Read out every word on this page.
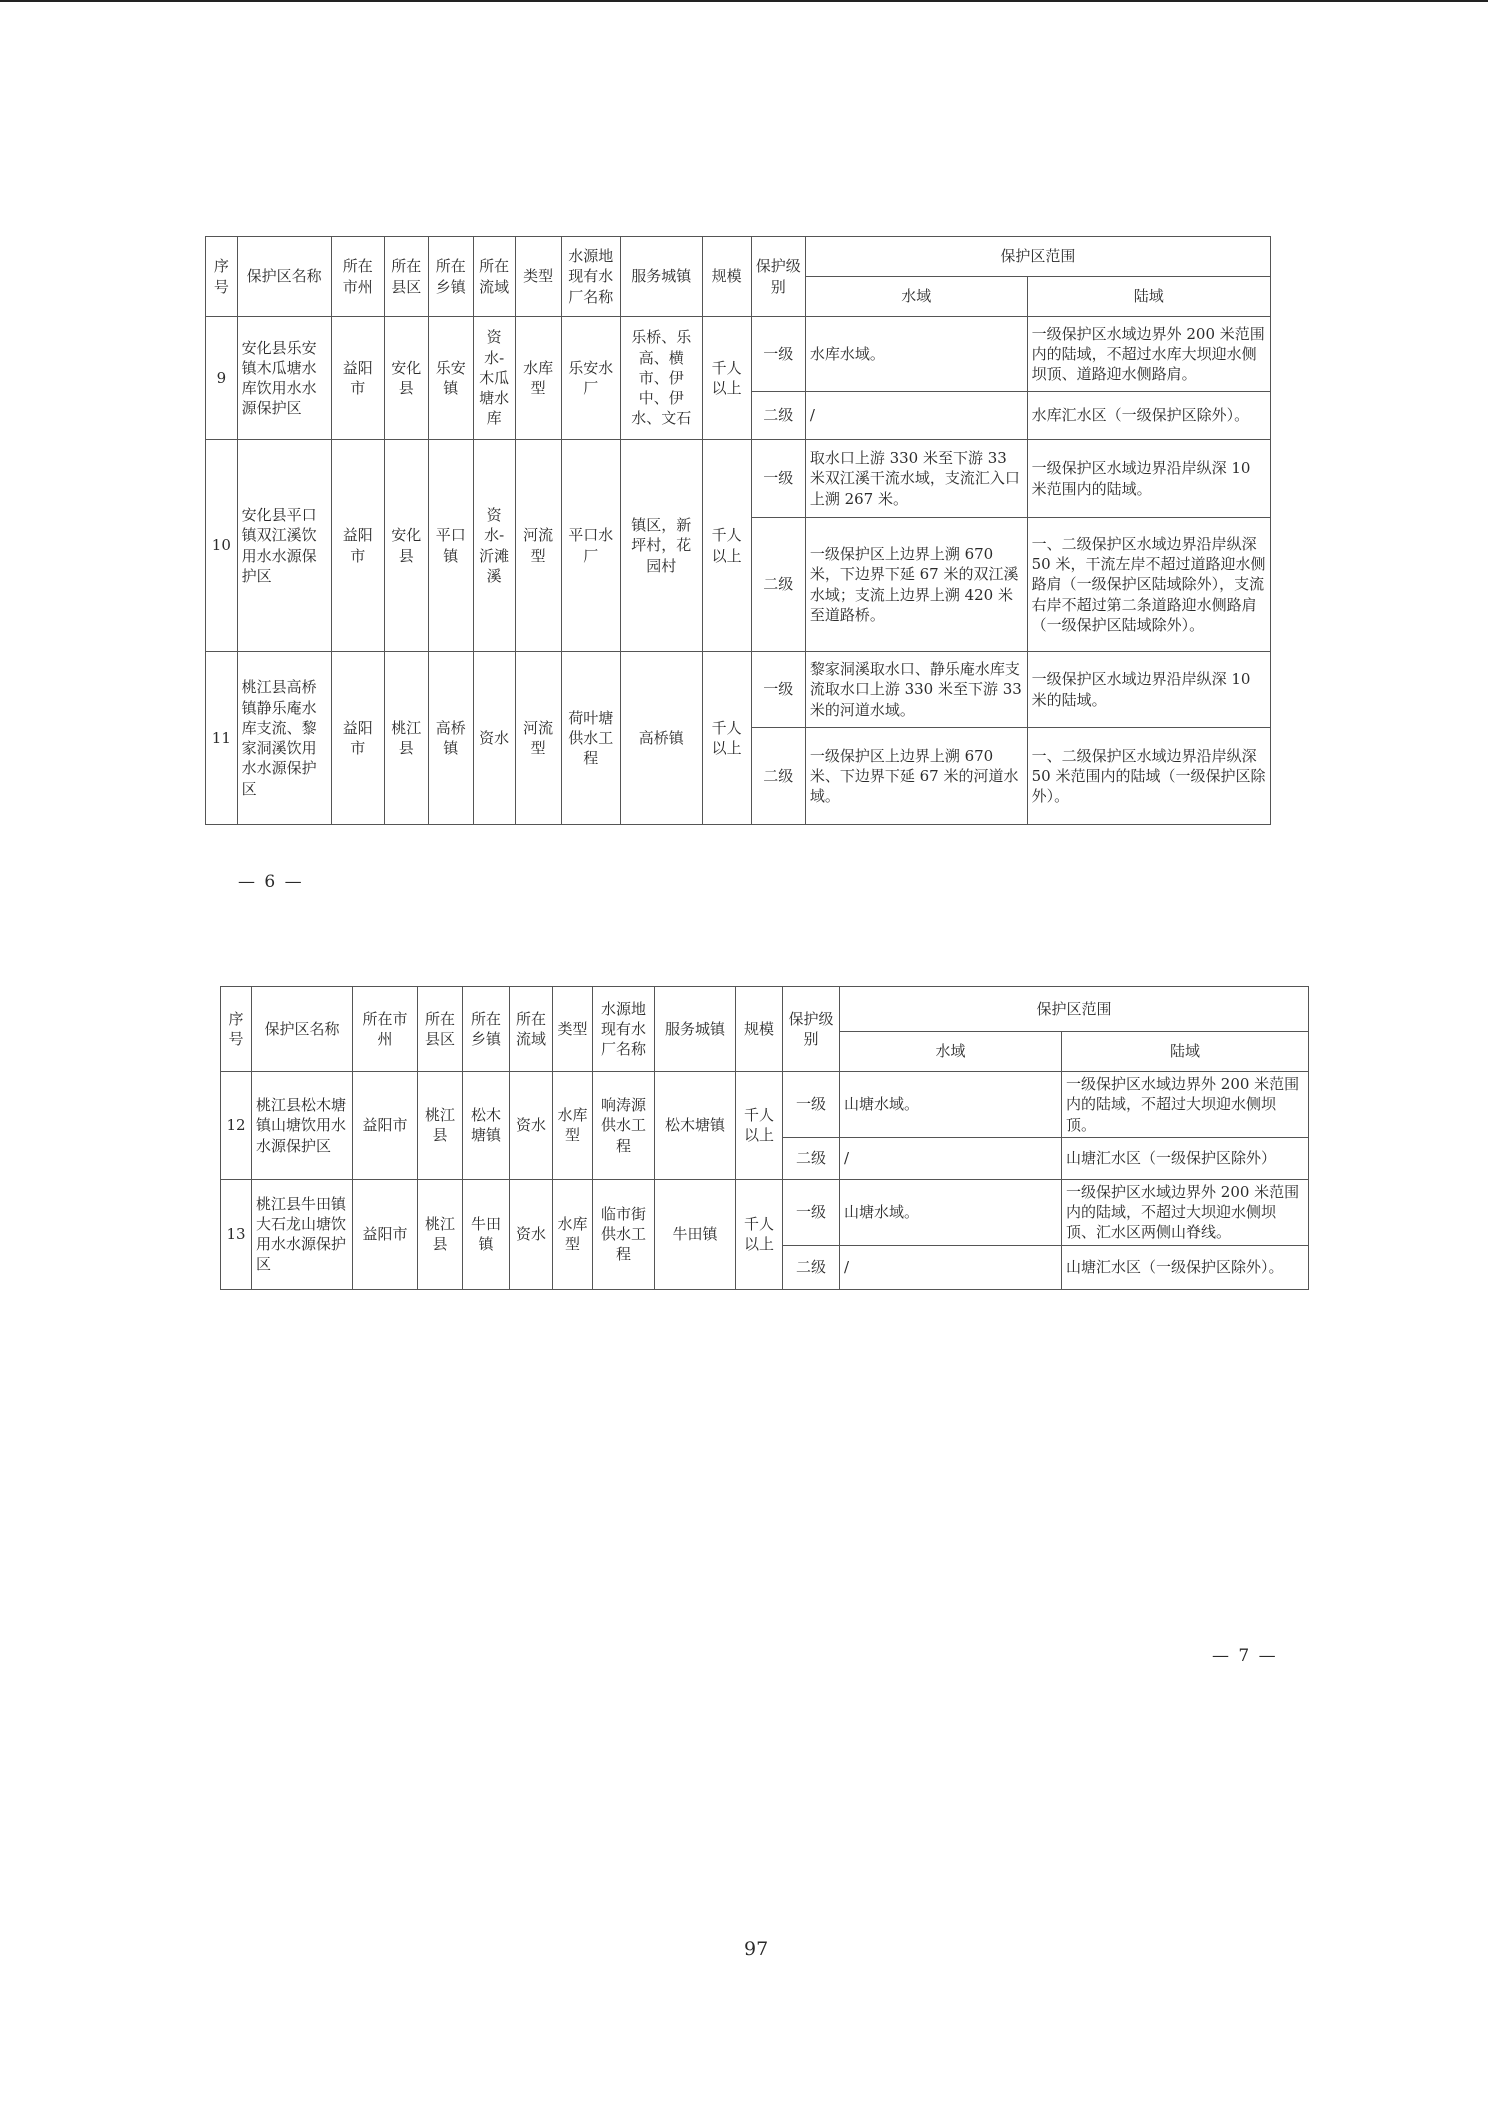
序号	保护区名称	所在市州	所在县区	所在乡镇	所在流域	类型	水源地现有水厂名称	服务城镇	规模	保护级别	保护区范围	
											水域	陆域
9	安化县乐安镇木瓜塘水库饮用水水源保护区	益阳市	安化县	乐安镇	资水-木瓜塘水库	水库型	乐安水厂	乐桥、乐高、横市、伊中、伊水、文石	千人以上	一级	水库水域。	一级保护区水域边界外 200 米范围内的陆域，不超过水库大坝迎水侧坝顶、道路迎水侧路肩。
										二级	/	水库汇水区（一级保护区除外）。
10	安化县平口镇双江溪饮用水水源保护区	益阳市	安化县	平口镇	资水-沂滩溪	河流型	平口水厂	镇区，新坪村，花园村	千人以上	一级	取水口上游 330 米至下游 33 米双江溪干流水域，支流汇入口上溯 267 米。	一级保护区水域边界沿岸纵深 10 米范围内的陆域。
										二级	一级保护区上边界上溯 670 米，下边界下延 67 米的双江溪水域；支流上边界上溯 420 米至道路桥。	一、二级保护区水域边界沿岸纵深 50 米，干流左岸不超过道路迎水侧路肩（一级保护区陆域除外），支流右岸不超过第二条道路迎水侧路肩（一级保护区陆域除外）。
11	桃江县高桥镇静乐庵水库支流、黎家洞溪饮用水水源保护区	益阳市	桃江县	高桥镇	资水	河流型	荷叶塘供水工程	高桥镇	千人以上	一级	黎家洞溪取水口、静乐庵水库支流取水口上游 330 米至下游 33 米的河道水域。	一级保护区水域边界沿岸纵深 10 米的陆域。
										二级	一级保护区上边界上溯 670 米、下边界下延 67 米的河道水域。	一、二级保护区水域边界沿岸纵深 50 米范围内的陆域（一级保护区除外）。
— 6 —
序号	保护区名称	所在市州	所在县区	所在乡镇	所在流域	类型	水源地现有水厂名称	服务城镇	规模	保护级别	保护区范围	
											水域	陆域
12	桃江县松木塘镇山塘饮用水水源保护区	益阳市	桃江县	松木塘镇	资水	水库型	响涛源供水工程	松木塘镇	千人以上	一级	山塘水域。	一级保护区水域边界外 200 米范围内的陆域，不超过大坝迎水侧坝顶。
										二级	/	山塘汇水区（一级保护区除外）
13	桃江县牛田镇大石龙山塘饮用水水源保护区	益阳市	桃江县	牛田镇	资水	水库型	临市街供水工程	牛田镇	千人以上	一级	山塘水域。	一级保护区水域边界外 200 米范围内的陆域，不超过大坝迎水侧坝顶、汇水区两侧山脊线。
										二级	/	山塘汇水区（一级保护区除外）。
— 7 —
97
